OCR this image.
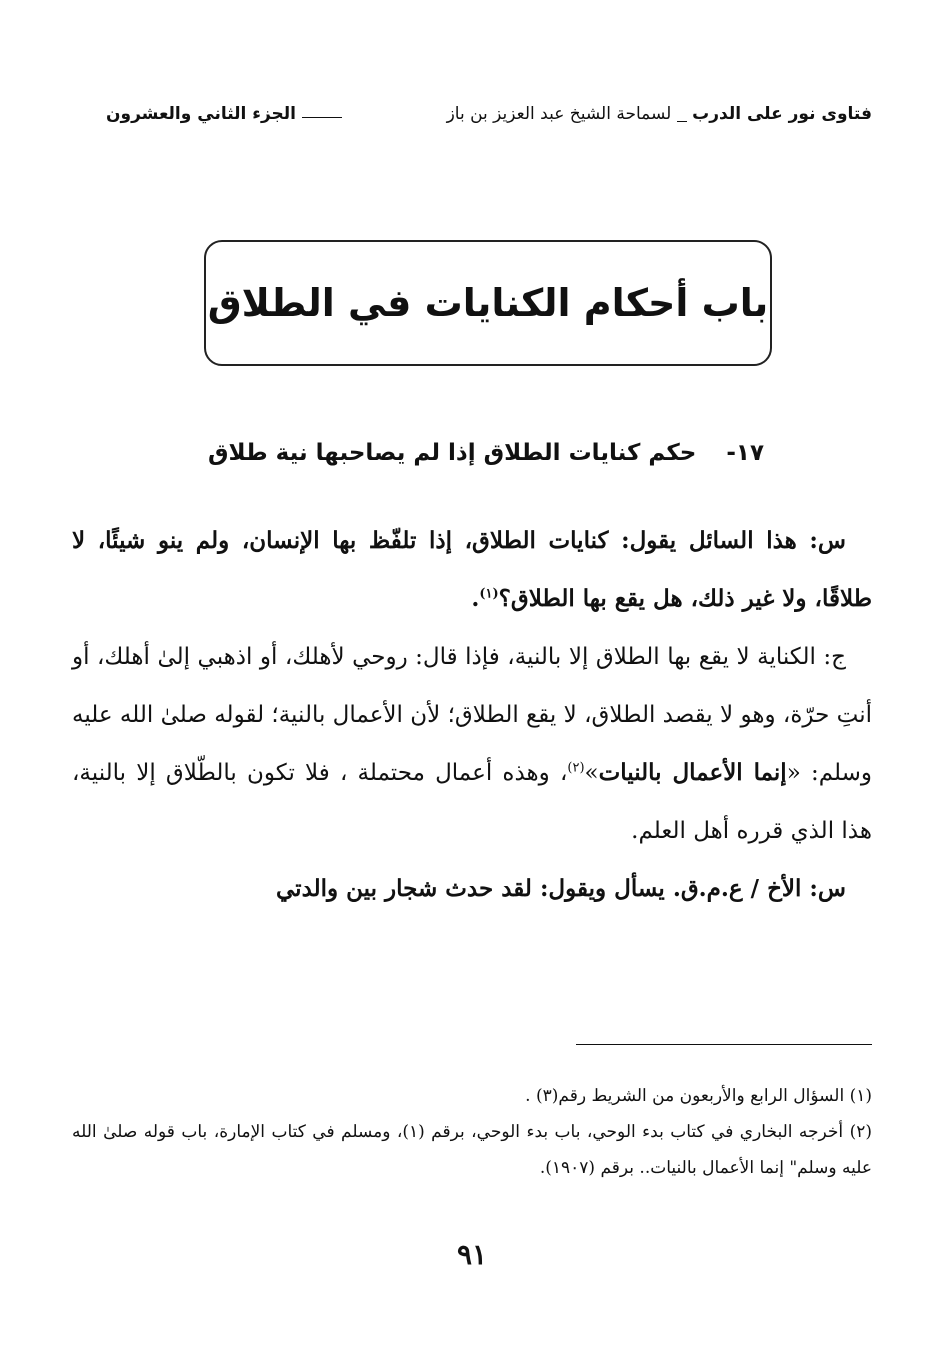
فتاوى نور على الدرب  لسماحة الشيخ عبد العزيز بن باز
الجزء الثاني والعشرون
باب أحكام الكنايات في الطلاق
١٧- حكم كنايات الطلاق إذا لم يصاحبها نية طلاق

س: هذا السائل يقول: كنايات الطلاق، إذا تلفّظ بها الإنسان، ولم ينو شيئًا، لا طلاقًا، ولا غير ذلك، هل يقع بها الطلاق؟$^{(١)}$.

ج: الكناية لا يقع بها الطلاق إلا بالنية، فإذا قال: روحي لأهلك، أو اذهبي إلىٰ أهلك، أو أنتِ حرّة، وهو لا يقصد الطلاق، لا يقع الطلاق؛ لأن الأعمال بالنية؛ لقوله صلىٰ الله عليه وسلم: «إنما الأعمال بالنيات»$^{(٢)}$، وهذه أعمال محتملة ، فلا تكون بالطّلاق إلا بالنية، هذا الذي قرره أهل العلم.

س: الأخ / ع.م.ق. يسأل ويقول: لقد حدث شجار بين والدتي

(١) السؤال الرابع والأربعون من الشريط رقم(٣) .

(٢) أخرجه البخاري في كتاب بدء الوحي، باب بدء الوحي، برقم (١)، ومسلم في كتاب الإمارة، باب قوله صلىٰ الله عليه وسلم" إنما الأعمال بالنيات.. برقم (١٩٠٧).

٩١
